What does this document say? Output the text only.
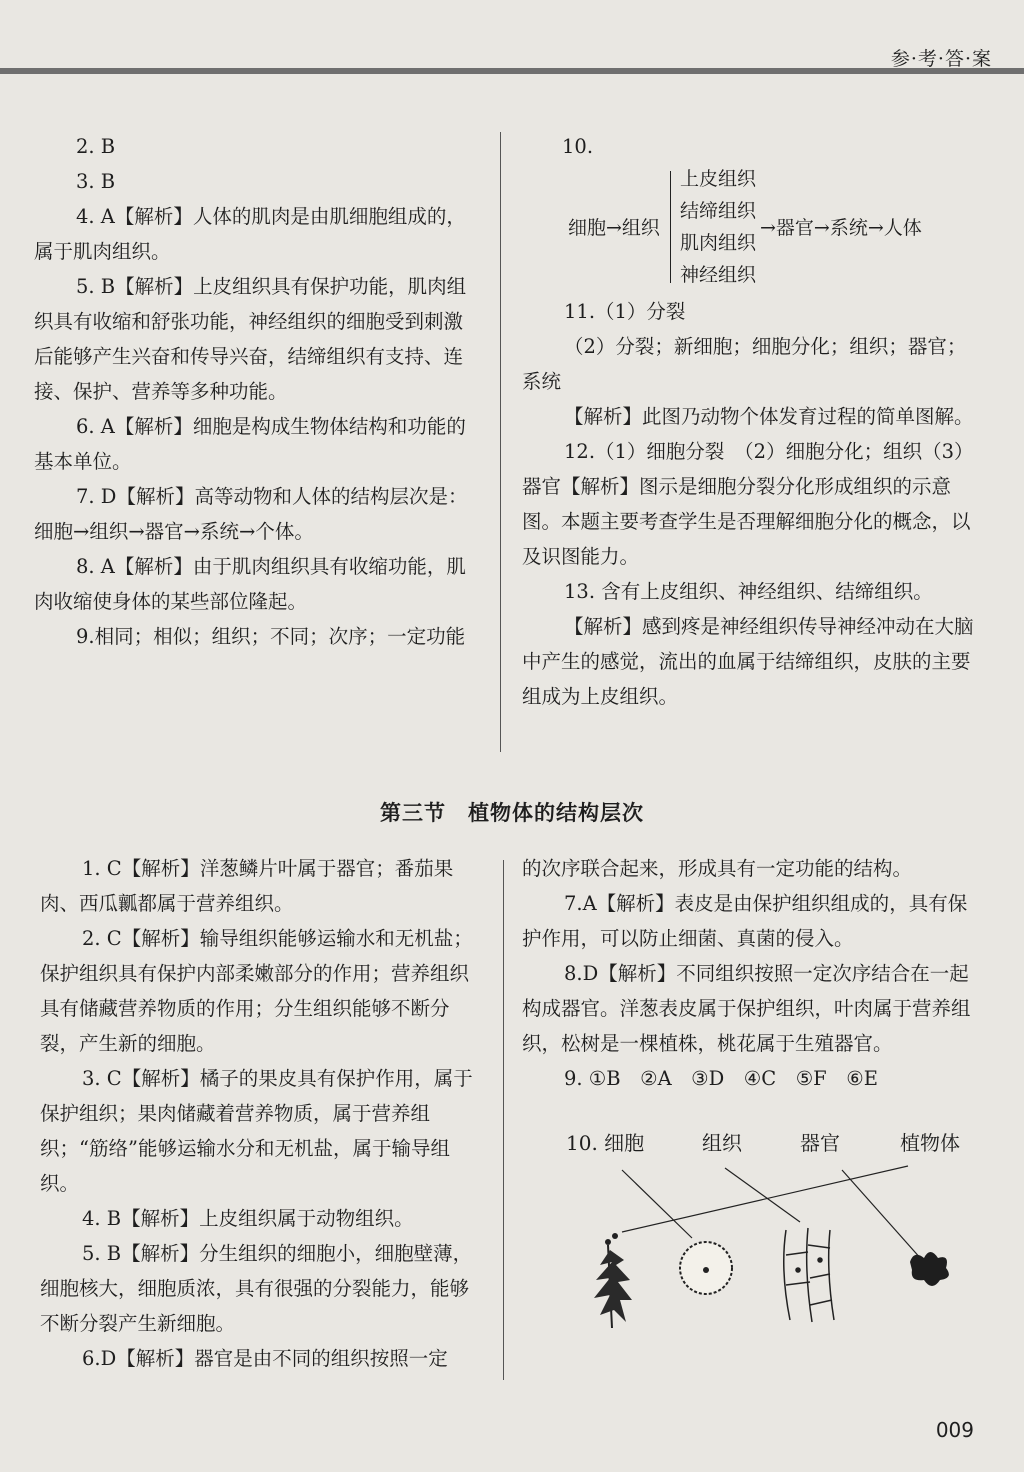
参·考·答·案

2. B

3. B

4. A【解析】人体的肌肉是由肌细胞组成的，属于肌肉组织。

5. B【解析】上皮组织具有保护功能，肌肉组织具有收缩和舒张功能，神经组织的细胞受到刺激后能够产生兴奋和传导兴奋，结缔组织有支持、连接、保护、营养等多种功能。

6. A【解析】细胞是构成生物体结构和功能的基本单位。

7. D【解析】高等动物和人体的结构层次是：细胞→组织→器官→系统→个体。

8. A【解析】由于肌肉组织具有收缩功能，肌肉收缩使身体的某些部位隆起。

9.相同；相似；组织；不同；次序；一定功能

10.

细胞→组织
上皮组织
结缔组织
肌肉组织
神经组织
→器官→系统→人体

11.（1）分裂

（2）分裂；新细胞；细胞分化；组织；器官；系统

【解析】此图乃动物个体发育过程的简单图解。

12.（1）细胞分裂　（2）细胞分化；组织（3）器官【解析】图示是细胞分裂分化形成组织的示意图。本题主要考查学生是否理解细胞分化的概念，以及识图能力。

13. 含有上皮组织、神经组织、结缔组织。

【解析】感到疼是神经组织传导神经冲动在大脑中产生的感觉，流出的血属于结缔组织，皮肤的主要组成为上皮组织。

第三节　植物体的结构层次

1. C【解析】洋葱鳞片叶属于器官；番茄果肉、西瓜瓤都属于营养组织。

2. C【解析】输导组织能够运输水和无机盐；保护组织具有保护内部柔嫩部分的作用；营养组织具有储藏营养物质的作用；分生组织能够不断分裂，产生新的细胞。

3. C【解析】橘子的果皮具有保护作用，属于保护组织；果肉储藏着营养物质，属于营养组织；“筋络”能够运输水分和无机盐，属于输导组织。

4. B【解析】上皮组织属于动物组织。

5. B【解析】分生组织的细胞小，细胞壁薄，细胞核大，细胞质浓，具有很强的分裂能力，能够不断分裂产生新细胞。

6.D【解析】器官是由不同的组织按照一定

的次序联合起来，形成具有一定功能的结构。

7.A【解析】表皮是由保护组织组成的，具有保护作用，可以防止细菌、真菌的侵入。

8.D【解析】不同组织按照一定次序结合在一起构成器官。洋葱表皮属于保护组织，叶肉属于营养组织，松树是一棵植株，桃花属于生殖器官。

9. ①B　②A　③D　④C　⑤F　⑥E

10. 细胞	组织	器官	植物体
009
